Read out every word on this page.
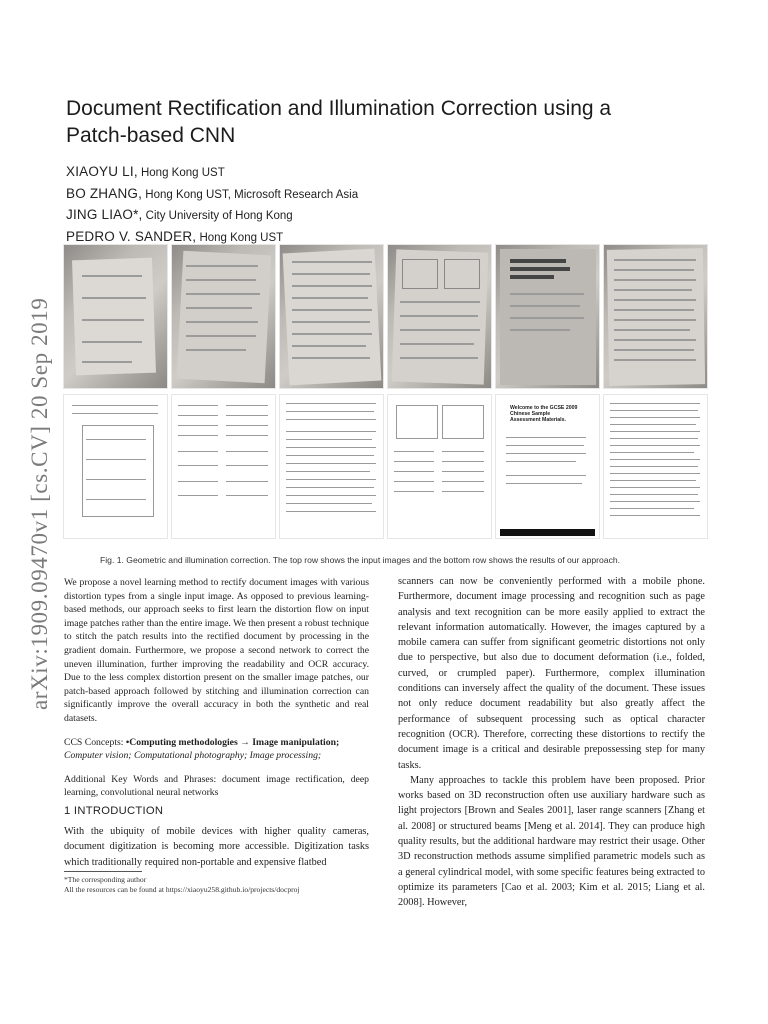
arXiv:1909.09470v1 [cs.CV] 20 Sep 2019
Document Rectification and Illumination Correction using a
Patch-based CNN
XIAOYU LI, Hong Kong UST
BO ZHANG, Hong Kong UST, Microsoft Research Asia
JING LIAO*, City University of Hong Kong
PEDRO V. SANDER, Hong Kong UST
Welcome to the GCSE 2009 Chinese Sample Assessment Materials.
Fig. 1. Geometric and illumination correction. The top row shows the input images and the bottom row shows the results of our approach.

We propose a novel learning method to rectify document images with various distortion types from a single input image. As opposed to previous learning-based methods, our approach seeks to first learn the distortion flow on input image patches rather than the entire image. We then present a robust technique to stitch the patch results into the rectified document by processing in the gradient domain. Furthermore, we propose a second network to correct the uneven illumination, further improving the readability and OCR accuracy. Due to the less complex distortion present on the smaller image patches, our patch-based approach followed by stitching and illumination correction can significantly improve the overall accuracy in both the synthetic and real datasets.

CCS Concepts: •Computing methodologies → Image manipulation;
Computer vision; Computational photography; Image processing;

Additional Key Words and Phrases: document image rectification, deep learning, convolutional neural networks

1 INTRODUCTION
With the ubiquity of mobile devices with higher quality cameras, document digitization is becoming more accessible. Digitization tasks which traditionally required non-portable and expensive flatbed
*The corresponding author
All the resources can be found at https://xiaoyu258.github.io/projects/docproj

scanners can now be conveniently performed with a mobile phone. Furthermore, document image processing and recognition such as page analysis and text recognition can be more easily applied to extract the relevant information automatically. However, the images captured by a mobile camera can suffer from significant geometric distortions not only due to perspective, but also due to document deformation (i.e., folded, curved, or crumpled paper). Furthermore, complex illumination conditions can inversely affect the quality of the document. These issues not only reduce document readability but also greatly affect the performance of subsequent processing such as optical character recognition (OCR). Therefore, correcting these distortions to rectify the document image is a critical and desirable prepossessing step for many tasks.

Many approaches to tackle this problem have been proposed. Prior works based on 3D reconstruction often use auxiliary hardware such as light projectors [Brown and Seales 2001], laser range scanners [Zhang et al. 2008] or structured beams [Meng et al. 2014]. They can produce high quality results, but the additional hardware may restrict their usage. Other 3D reconstruction methods assume simplified parametric models such as a general cylindrical model, with some specific features being extracted to optimize its parameters [Cao et al. 2003; Kim et al. 2015; Liang et al. 2008]. However,
